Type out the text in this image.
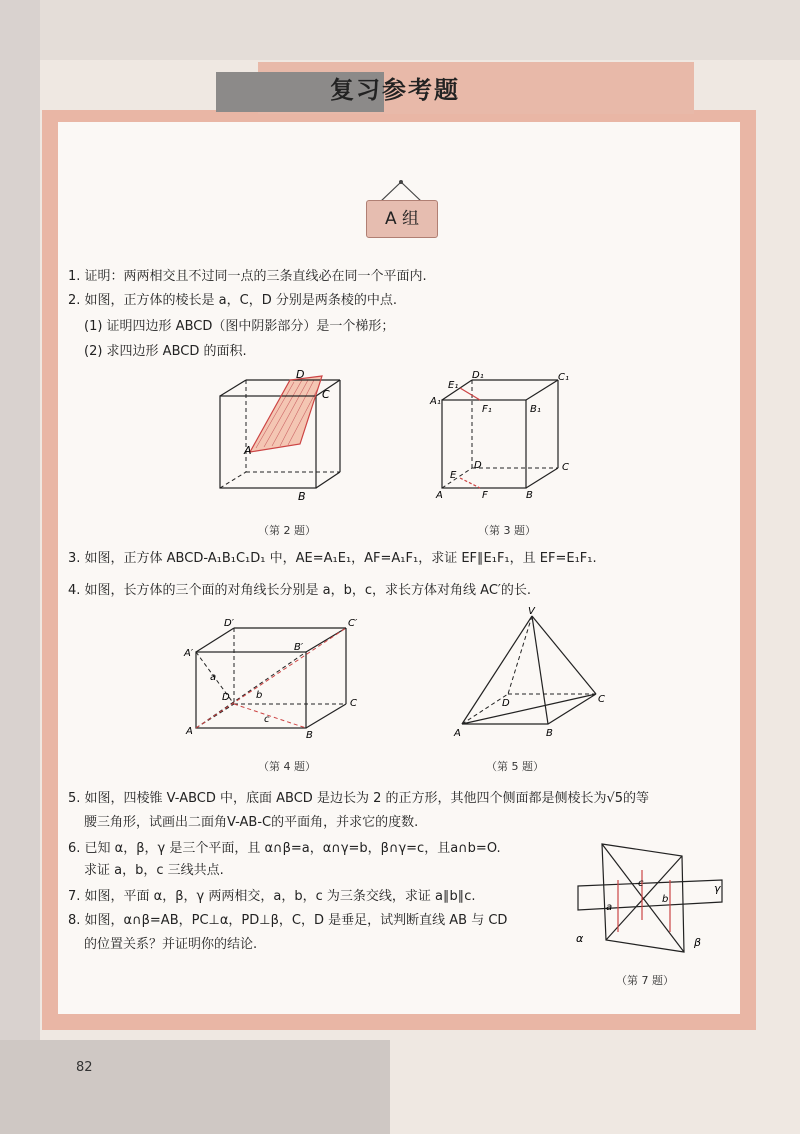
复习参考题
A 组
1. 证明：两两相交且不过同一点的三条直线必在同一个平面内.
2. 如图，正方体的棱长是 a，C，D 分别是两条棱的中点.
(1) 证明四边形 ABCD（图中阴影部分）是一个梯形；
(2) 求四边形 ABCD 的面积.
A
B
C
D
（第 2 题）
A₁
E₁
D₁	C₁
B₁
F₁
E
D	C
A	F	B
（第 3 题）
3. 如图，正方体 ABCD-A₁B₁C₁D₁ 中，AE=A₁E₁，AF=A₁F₁，求证 EF∥E₁F₁，且 EF=E₁F₁.
4. 如图，长方体的三个面的对角线长分别是 a，b，c，求长方体对角线 AC′的长.
D′	C′
A′
B′
D
C
A	B
a
b
c
（第 4 题）
V
D	C
A	B
（第 5 题）
5. 如图，四棱锥 V-ABCD 中，底面 ABCD 是边长为 2 的正方形，其他四个侧面都是侧棱长为√5的等
腰三角形，试画出二面角V-AB-C的平面角，并求它的度数.
6. 已知 α，β，γ 是三个平面，且 α∩β=a，α∩γ=b，β∩γ=c，且a∩b=O.
求证 a，b，c 三线共点.
7. 如图，平面 α，β，γ 两两相交，a，b，c 为三条交线，求证 a∥b∥c.
8. 如图，α∩β=AB，PC⊥α，PD⊥β，C，D 是垂足，试判断直线 AB 与 CD
的位置关系？并证明你的结论.
a
c
b
γ
α	β
（第 7 题）
82
